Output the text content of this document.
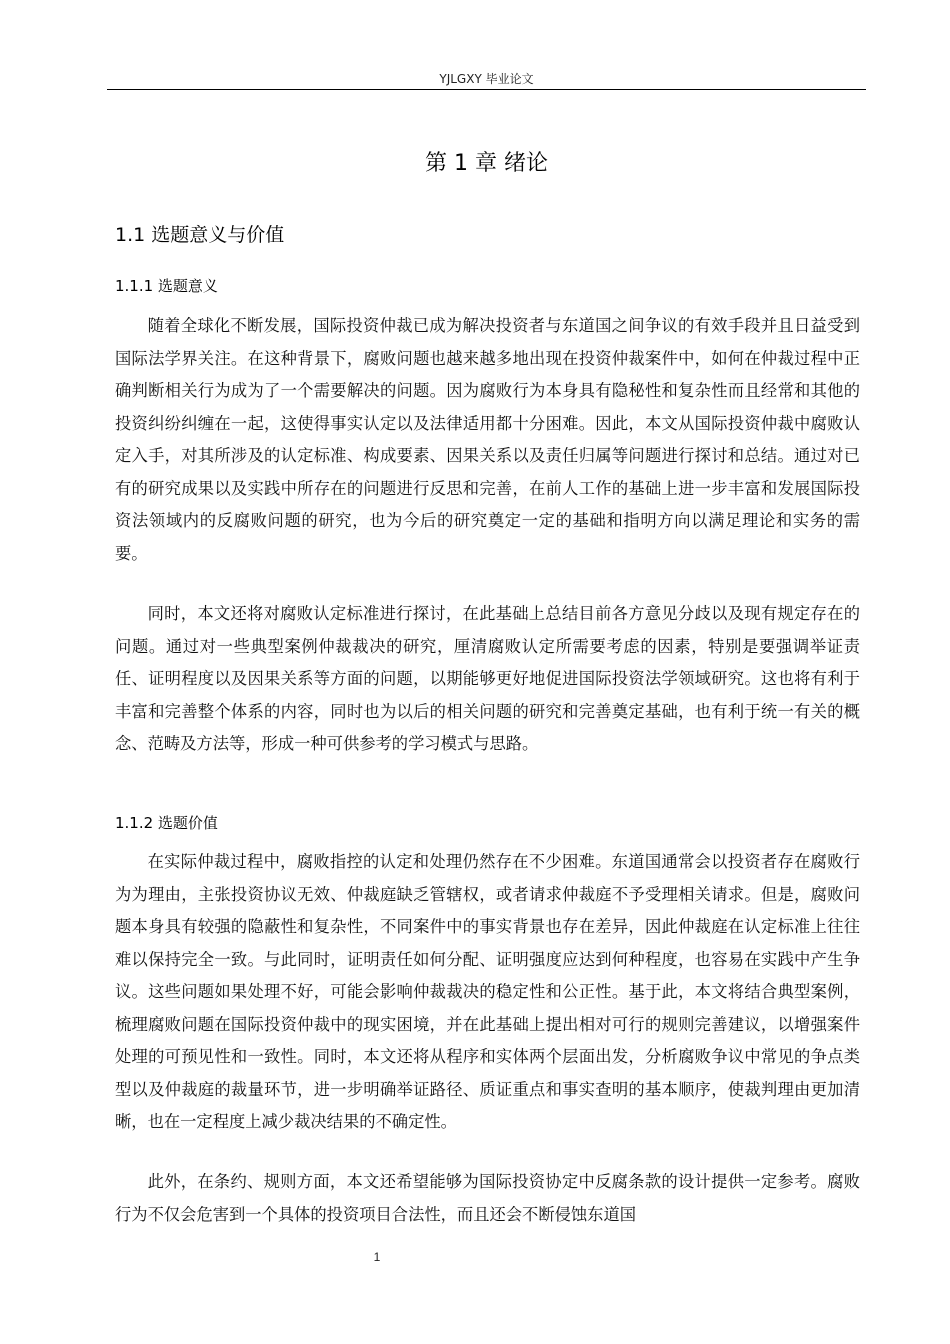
YJLGXY 毕业论文
第 1 章 绪论
1.1 选题意义与价值
1.1.1 选题意义

随着全球化不断发展，国际投资仲裁已成为解决投资者与东道国之间争议的有效手段并且日益受到国际法学界关注。在这种背景下，腐败问题也越来越多地出现在投资仲裁案件中，如何在仲裁过程中正确判断相关行为成为了一个需要解决的问题。因为腐败行为本身具有隐秘性和复杂性而且经常和其他的投资纠纷纠缠在一起，这使得事实认定以及法律适用都十分困难。因此，本文从国际投资仲裁中腐败认定入手，对其所涉及的认定标准、构成要素、因果关系以及责任归属等问题进行探讨和总结。通过对已有的研究成果以及实践中所存在的问题进行反思和完善，在前人工作的基础上进一步丰富和发展国际投资法领域内的反腐败问题的研究，也为今后的研究奠定一定的基础和指明方向以满足理论和实务的需要。

同时，本文还将对腐败认定标准进行探讨，在此基础上总结目前各方意见分歧以及现有规定存在的问题。通过对一些典型案例仲裁裁决的研究，厘清腐败认定所需要考虑的因素，特别是要强调举证责任、证明程度以及因果关系等方面的问题，以期能够更好地促进国际投资法学领域研究。这也将有利于丰富和完善整个体系的内容，同时也为以后的相关问题的研究和完善奠定基础，也有利于统一有关的概念、范畴及方法等，形成一种可供参考的学习模式与思路。

1.1.2 选题价值

在实际仲裁过程中，腐败指控的认定和处理仍然存在不少困难。东道国通常会以投资者存在腐败行为为理由，主张投资协议无效、仲裁庭缺乏管辖权，或者请求仲裁庭不予受理相关请求。但是，腐败问题本身具有较强的隐蔽性和复杂性，不同案件中的事实背景也存在差异，因此仲裁庭在认定标准上往往难以保持完全一致。与此同时，证明责任如何分配、证明强度应达到何种程度，也容易在实践中产生争议。这些问题如果处理不好，可能会影响仲裁裁决的稳定性和公正性。基于此，本文将结合典型案例，梳理腐败问题在国际投资仲裁中的现实困境，并在此基础上提出相对可行的规则完善建议，以增强案件处理的可预见性和一致性。同时，本文还将从程序和实体两个层面出发，分析腐败争议中常见的争点类型以及仲裁庭的裁量环节，进一步明确举证路径、质证重点和事实查明的基本顺序，使裁判理由更加清晰，也在一定程度上减少裁决结果的不确定性。

此外，在条约、规则方面，本文还希望能够为国际投资协定中反腐条款的设计提供一定参考。腐败行为不仅会危害到一个具体的投资项目合法性，而且还会不断侵蚀东道国

1
